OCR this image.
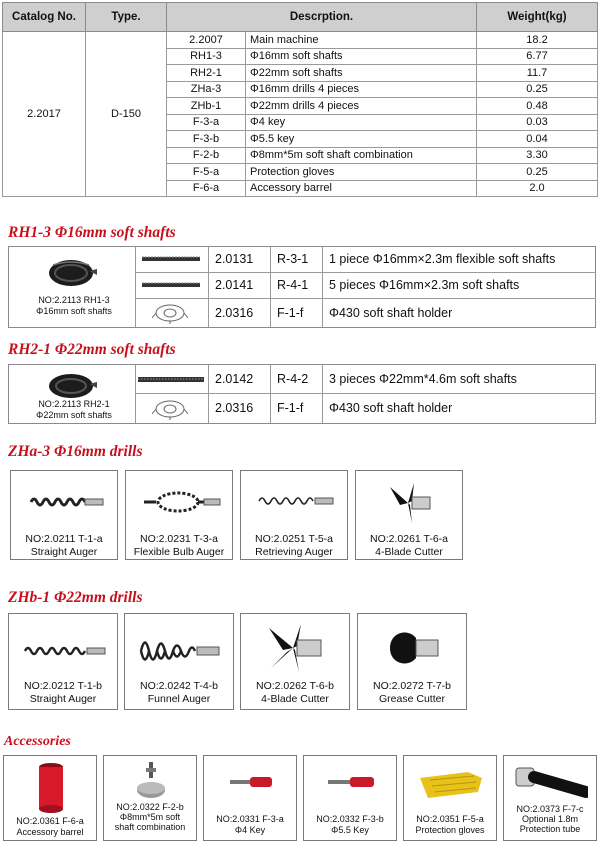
Catalog No.	Type.	Descrption.		Weight(kg)
2.2017	D-150	2.2007	Main machine	18.2
		RH1-3	Φ16mm soft shafts	6.77
		RH2-1	Φ22mm soft shafts	11.7
		ZHa-3	Φ16mm drills 4 pieces	0.25
		ZHb-1	Φ22mm drills 4 pieces	0.48
		F-3-a	Φ4 key	0.03
		F-3-b	Φ5.5 key	0.04
		F-2-b	Φ8mm*5m soft shaft combination	3.30
		F-5-a	Protection gloves	0.25
		F-6-a	Accessory barrel	2.0
RH1-3 Φ16mm soft shafts
NO:2.2113 RH1-3
Φ16mm soft shafts
2.0131	R-3-1	1 piece Φ16mm×2.3m flexible soft shafts
2.0141	R-4-1	5 pieces Φ16mm×2.3m soft shafts
2.0316	F-1-f	Φ430 soft shaft holder
RH2-1 Φ22mm soft shafts
NO:2.2113 RH2-1
Φ22mm soft shafts
2.0142	R-4-2	3 pieces Φ22mm*4.6m soft shafts
2.0316	F-1-f	Φ430 soft shaft holder
ZHa-3 Φ16mm drills
NO:2.0211 T-1-a
Straight Auger
NO:2.0231 T-3-a
Flexible Bulb Auger
NO:2.0251 T-5-a
Retrieving Auger
NO:2.0261 T-6-a
4-Blade Cutter
ZHb-1 Φ22mm drills
NO:2.0212 T-1-b
Straight Auger
NO:2.0242 T-4-b
Funnel Auger
NO:2.0262 T-6-b
4-Blade Cutter
NO:2.0272 T-7-b
Grease Cutter
Accessories
NO:2.0361 F-6-a
Accessory barrel
NO:2.0322 F-2-b
Φ8mm*5m soft
shaft combination
NO:2.0331 F-3-a
Φ4 Key
NO:2.0332 F-3-b
Φ5.5 Key
NO:2.0351 F-5-a
Protection gloves
NO:2.0373 F-7-c
Optional 1.8m
Protection tube
